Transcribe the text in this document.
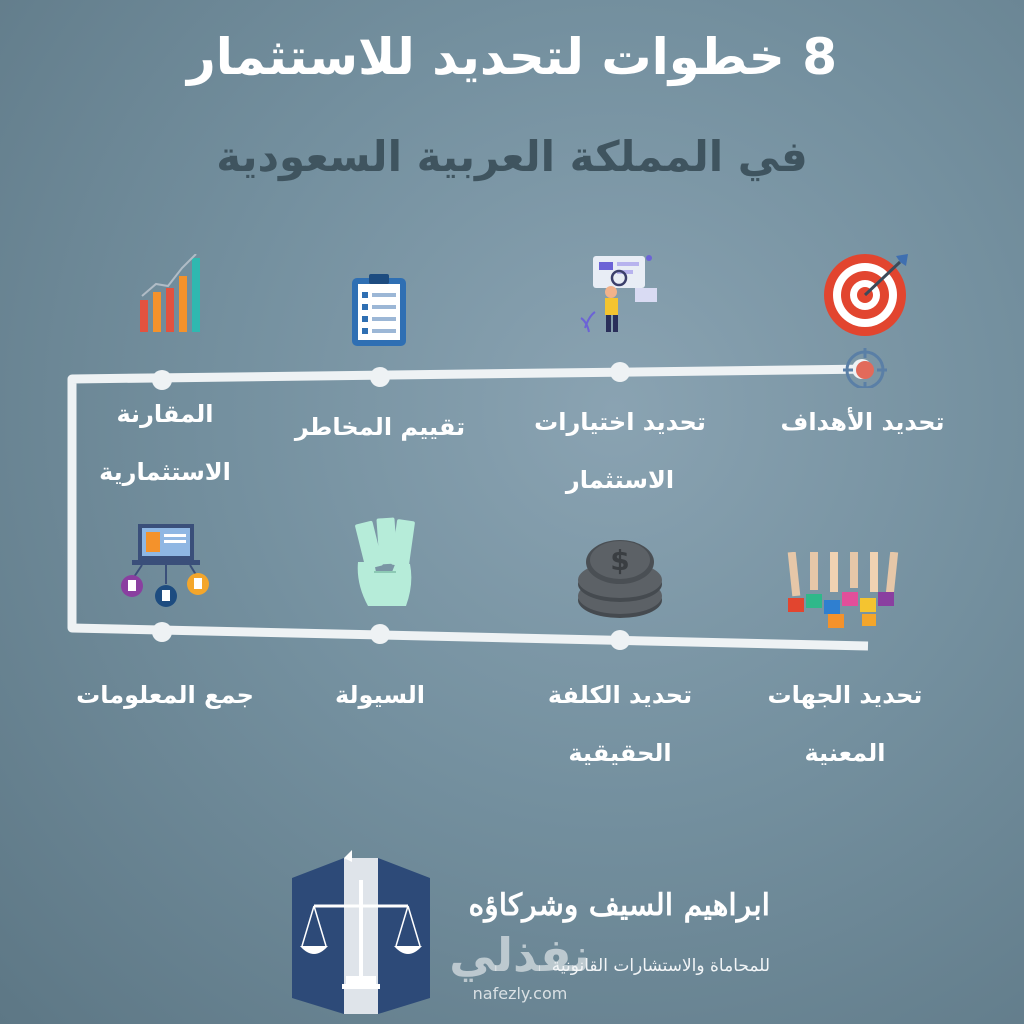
8 خطوات لتحديد للاستثمار
في المملكة العربية السعودية
تحديد الأهداف
تحديد اختيارات
الاستثمار
تقييم المخاطر
المقارنة
الاستثمارية
جمع المعلومات	السيولة
$
تحديد الكلفة
الحقيقية
تحديد الجهات
المعنية
ابراهيم السيف وشركاؤه
نفذلي
للمحاماة والاستشارات القانونية
nafezly.com
